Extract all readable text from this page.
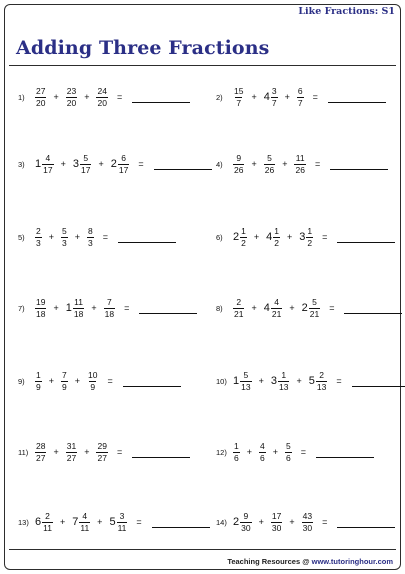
Like Fractions: S1
Adding Three Fractions
1)	$\frac{27}{20} + \frac{23}{20} + \frac{24}{20}$ =	2)	$\frac{15}{7} + 4 \frac{3}{7} + \frac{6}{7}$ =
3) $1 \frac{4}{17} + 3 \frac{5}{17} + 2 \frac{6}{17}$ =	4)	$\frac{9}{26} + \frac{5}{26} + \frac{11}{26}$ =
5)	$\frac{2}{3} + \frac{5}{3} + \frac{8}{3}$ =	6) $2 \frac{1}{2} + 4 \frac{1}{2} + 3 \frac{1}{2}$ =
7)	$\frac{19}{18} + 1 \frac{11}{18} + \frac{7}{18}$ =	8)	$\frac{2}{21} + 4 \frac{4}{21} + 2 \frac{5}{21}$ =
9)	$\frac{1}{9} + \frac{7}{9} + \frac{10}{9}$ =	10) $1 \frac{5}{13} + 3 \frac{1}{13} + 5 \frac{2}{13}$ =
$11) \frac{28}{27} + \frac{31}{27} + \frac{29}{27}$ =	$12) \frac{1}{6} + \frac{4}{6} + \frac{5}{6}$ =
13) $6 \frac{2}{11} + 7 \frac{4}{11} + 5 \frac{3}{11}$ =	14) $2 \frac{9}{30} + \frac{17}{30} + \frac{43}{30}$ =
Teaching Resources @ www.tutoringhour.com
